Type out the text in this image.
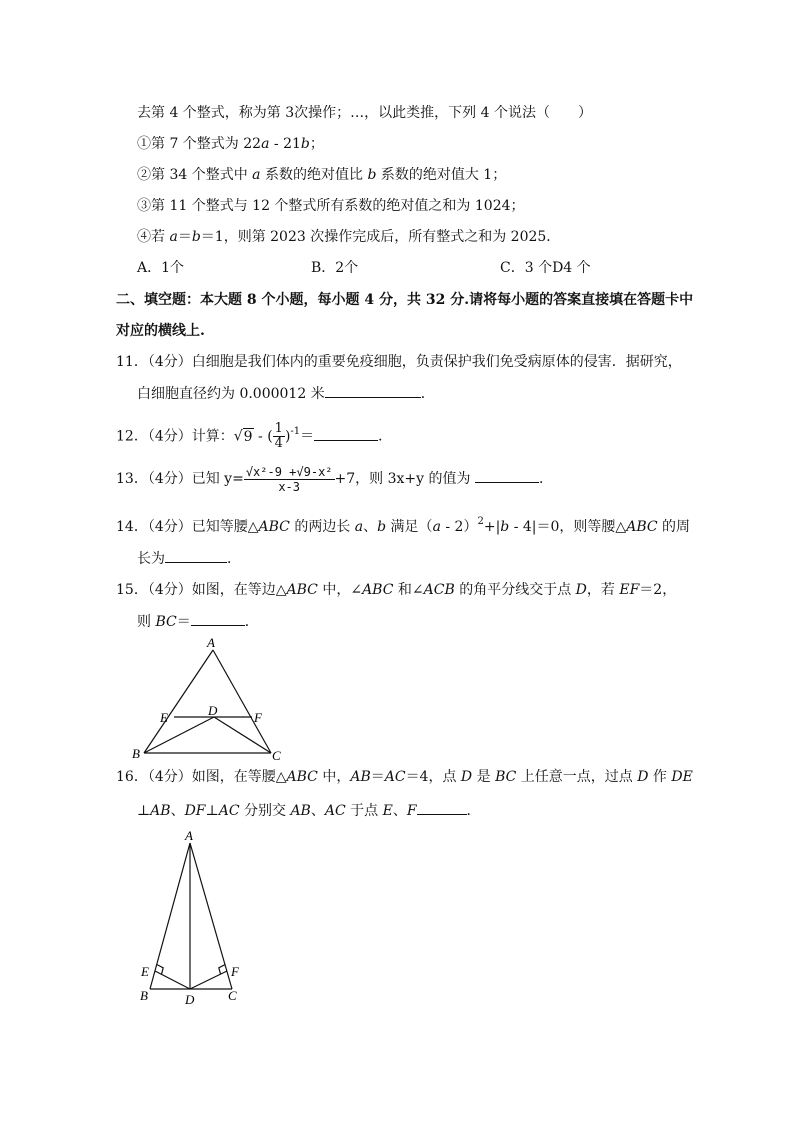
去第 4 个整式，称为第 3次操作；…，以此类推，下列 4 个说法（　　）
①第 7 个整式为 22a - 21b；
②第 34 个整式中 a 系数的绝对值比 b 系数的绝对值大 1；
③第 11 个整式与 12 个整式所有系数的绝对值之和为 1024；
④若 a＝b＝1，则第 2023 次操作完成后，所有整式之和为 2025．
A．1个	B．2个	C．3 个D4 个
二、填空题：本大题 8 个小题，每小题 4 分，共 32 分.请将每小题的答案直接填在答题卡中
对应的横线上.
11．（4分）白细胞是我们体内的重要免疫细胞，负责保护我们免受病原体的侵害．据研究，
白细胞直径约为 0.000012 米	．
12．（4分）计算：√9 - ( $\frac{1}{4} )^{-1}=$	．
13．（4分）已知 $y= \frac{\text{√x²-9 +√9-x²}}{x-3} +7$，则 3x+y 的值为	．
14．（4分）已知等腰△ABC 的两边长 a、b 满足（a - 2）$^2$+|b - 4|＝0，则等腰△ABC 的周
长为	．
15．（4分）如图，在等边△ABC 中，∠ABC 和∠ACB 的角平分线交于点 D，若 EF＝2，
则 BC＝	．
A
B	C
D
E	F
16．（4分）如图，在等腰△ABC 中，AB＝AC＝4，点 D 是 BC 上任意一点，过点 D 作 DE
⊥AB、DF⊥AC 分别交 AB、AC 于点 E、F	．
A
B	C
D
E	F
